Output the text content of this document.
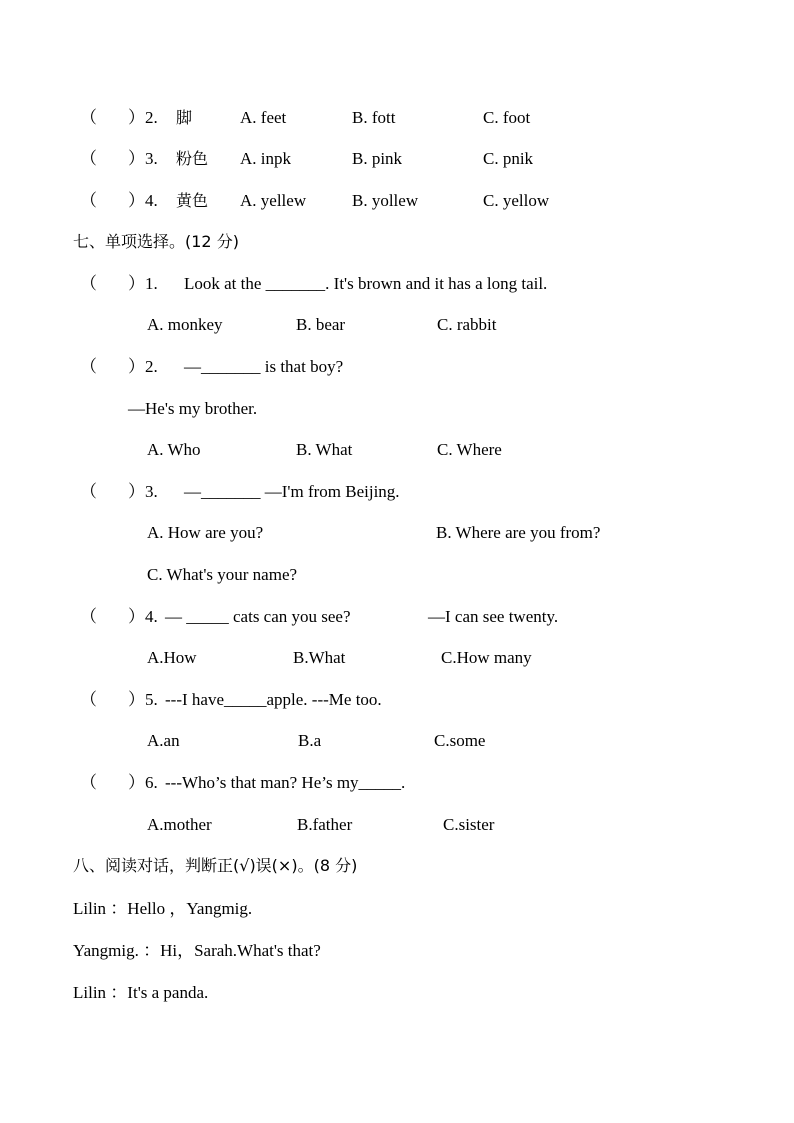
（ ）2. 脚	A. feet	B. fott	C. foot
（ ）3. 粉色 A. inpk	B. pink	C. pnik
（ ）4. 黄色 A. yellew	B. yollew	C. yellow
七、单项选择。(12 分)
（ ）1. Look at the _______. It's brown and it has a long tail.
A. monkey	B. bear	C. rabbit
（ ）2. —_______ is that boy?
—He's my brother.
A. Who	B. What	C. Where
（ ）3. —_______ —I'm from Beijing.
A. How are you?	B. Where are you from?
C. What's your name?
（ ）4. — _____ cats can you see?	—I can see twenty.
A.How	B.What	C.How many
（ ）5. ---I have_____apple. ---Me too.
A.an	B.a	C.some
（ ）6. ---Who’s that man? He’s my_____.
A.mother	B.father	C.sister
八、阅读对话，判断正(√)误(×)。(8 分)
Lilin ：Hello ，Yangmig.
Yangmig. ：Hi，Sarah.What's that?
Lilin ：It's a panda.
